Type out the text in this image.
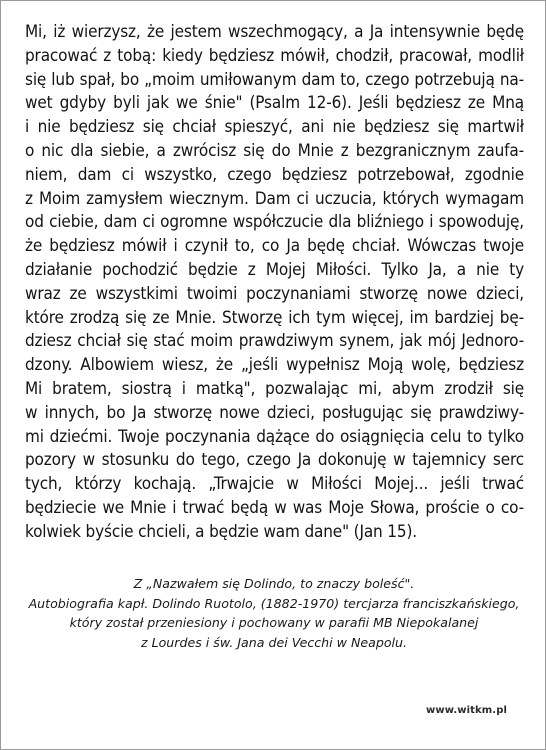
Mi, iż wierzysz, że jestem wszechmogący, a Ja intensywnie będę
pracować z tobą: kiedy będziesz mówił, chodził, pracował, modlił
się lub spał, bo „moim umiłowanym dam to, czego potrzebują na-
wet gdyby byli jak we śnie" (Psalm 12-6). Jeśli będziesz ze Mną
i nie będziesz się chciał spieszyć, ani nie będziesz się martwił
o nic dla siebie, a zwrócisz się do Mnie z bezgranicznym zaufa-
niem, dam ci wszystko, czego będziesz potrzebował, zgodnie
z Moim zamysłem wiecznym. Dam ci uczucia, których wymagam
od ciebie, dam ci ogromne współczucie dla bliźniego i spowoduję,
że będziesz mówił i czynił to, co Ja będę chciał. Wówczas twoje
działanie pochodzić będzie z Mojej Miłości. Tylko Ja, a nie ty
wraz ze wszystkimi twoimi poczynaniami stworzę nowe dzieci,
które zrodzą się ze Mnie. Stworzę ich tym więcej, im bardziej bę-
dziesz chciał się stać moim prawdziwym synem, jak mój Jednoro-
dzony. Albowiem wiesz, że „jeśli wypełnisz Moją wolę, będziesz
Mi bratem, siostrą i matką", pozwalając mi, abym zrodził się
w innych, bo Ja stworzę nowe dzieci, posługując się prawdziwy-
mi dziećmi. Twoje poczynania dążące do osiągnięcia celu to tylko
pozory w stosunku do tego, czego Ja dokonuję w tajemnicy serc
tych, którzy kochają. „Trwajcie w Miłości Mojej... jeśli trwać
będziecie we Mnie i trwać będą w was Moje Słowa, proście o co-
kolwiek byście chcieli, a będzie wam dane" (Jan 15).
Z „Nazwałem się Dolindo, to znaczy boleść".
Autobiografia kapł. Dolindo Ruotolo, (1882-1970) tercjarza franciszkańskiego,
który został przeniesiony i pochowany w parafii MB Niepokalanej
z Lourdes i św. Jana dei Vecchi w Neapolu.
www.witkm.pl
